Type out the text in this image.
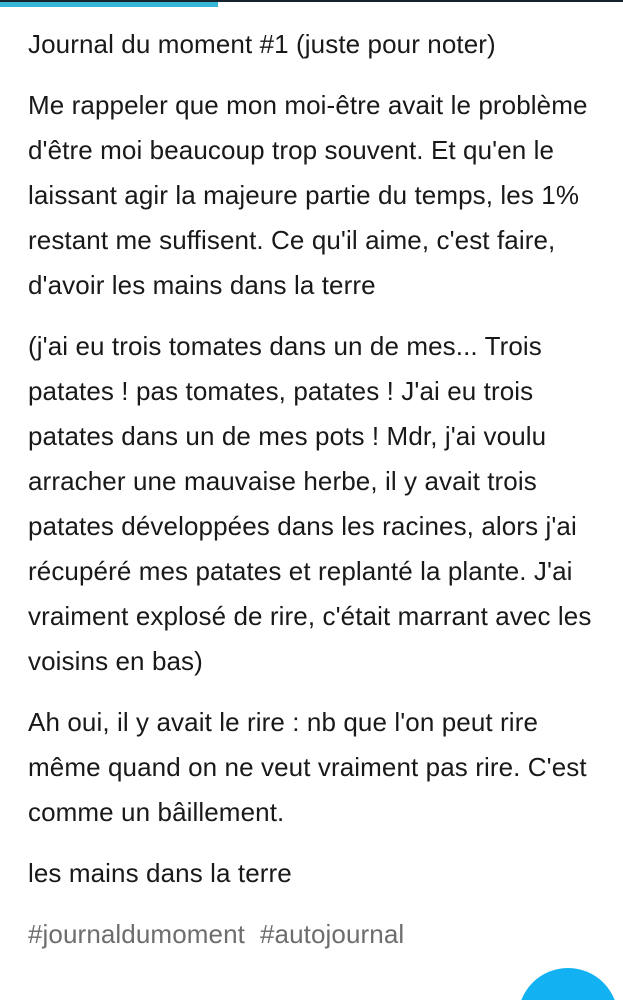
Journal du moment #1 (juste pour noter)

Me rappeler que mon moi-être avait le problème d'être moi beaucoup trop souvent. Et qu'en le laissant agir la majeure partie du temps, les 1% restant me suffisent. Ce qu'il aime, c'est faire, d'avoir les mains dans la terre

(j'ai eu trois tomates dans un de mes... Trois patates ! pas tomates, patates ! J'ai eu trois patates dans un de mes pots ! Mdr, j'ai voulu arracher une mauvaise herbe, il y avait trois patates développées dans les racines, alors j'ai récupéré mes patates et replanté la plante. J'ai vraiment explosé de rire, c'était marrant avec les voisins en bas)

Ah oui, il y avait le rire : nb que l'on peut rire même quand on ne veut vraiment pas rire. C'est comme un bâillement.

les mains dans la terre

#journaldumoment #autojournal
